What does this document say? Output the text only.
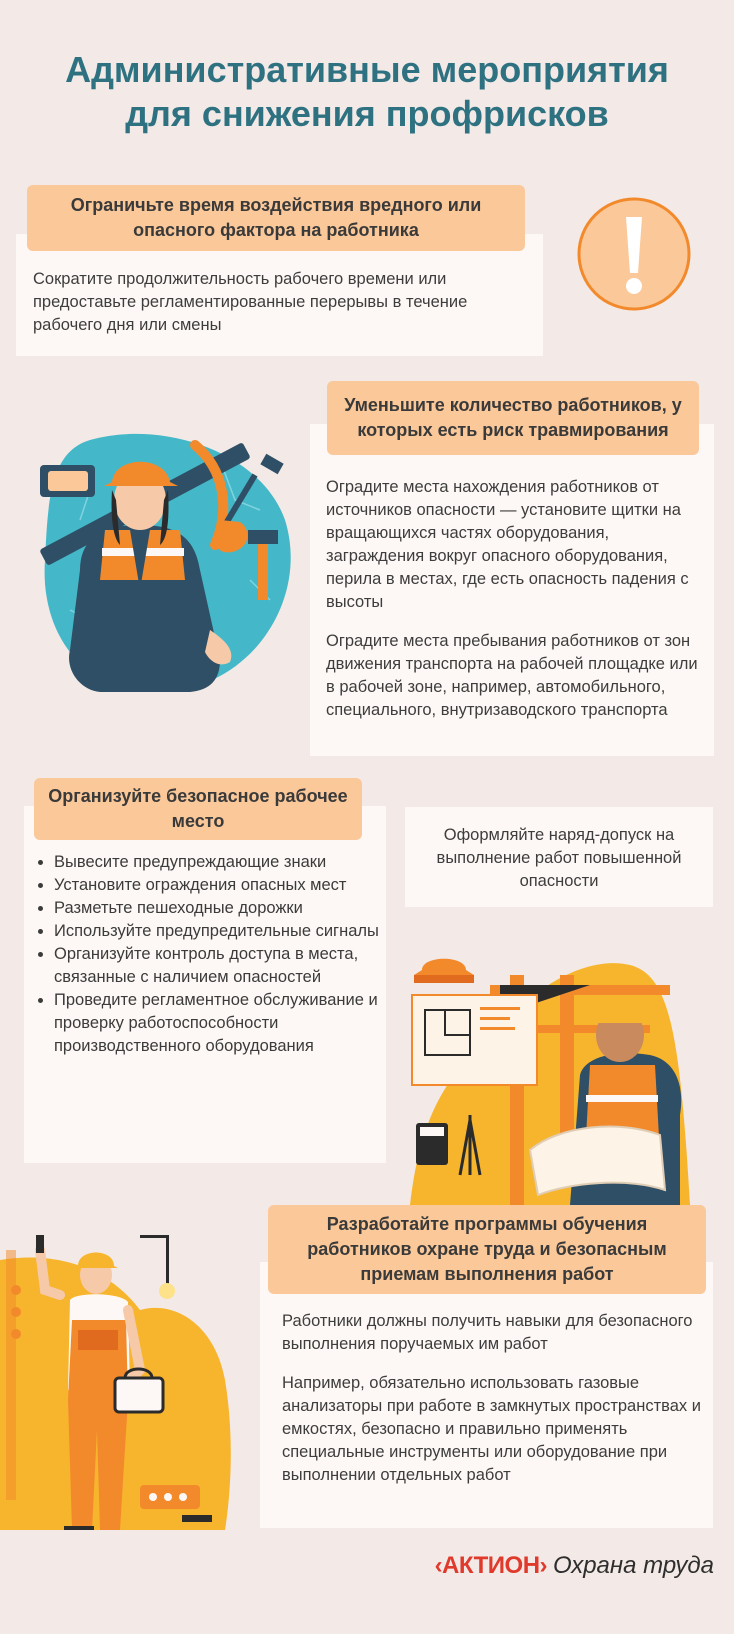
Административные мероприятия
для снижения профрисков
Ограничьте время воздействия вредного или опасного фактора на работника
Сократите продолжительность рабочего времени или предоставьте регламентированные перерывы в течение рабочего дня или смены
Уменьшите количество работников, у которых есть риск травмирования

Оградите места нахождения работников от источников опасности — установите щитки на вращающихся частях оборудования, заграждения вокруг опасного оборудования, перила в местах, где есть опасность падения с высоты

Оградите места пребывания работников от зон движения транспорта на рабочей площадке или в рабочей зоне, например, автомобильного, специального, внутризаводского транспорта

Организуйте безопасное рабочее место
• Вывесите предупреждающие знаки
• Установите ограждения опасных мест
• Разметьте пешеходные дорожки
• Используйте предупредительные сигналы
• Организуйте контроль доступа в места, связанные с наличием опасностей
• Проведите регламентное обслуживание и проверку работоспособности производственного оборудования
Оформляйте наряд-допуск на выполнение работ повышенной опасности
Разработайте программы обучения работников охране труда и безопасным приемам выполнения работ

Работники должны получить навыки для безопасного выполнения поручаемых им работ

Например, обязательно использовать газовые анализаторы при работе в замкнутых пространствах и емкостях, безопасно и правильно применять специальные инструменты или оборудование при выполнении отдельных работ

‹АКТИОН› Охрана труда
